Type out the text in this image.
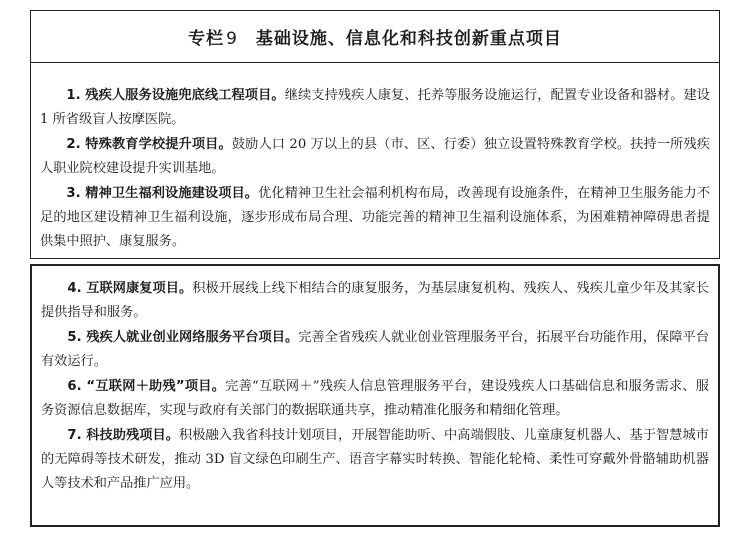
专栏 9 基础设施、信息化和科技创新重点项目

1. 残疾人服务设施兜底线工程项目。继续支持残疾人康复、托养等服务设施运行，配置专业设备和器材。建设 1 所省级盲人按摩医院。

2. 特殊教育学校提升项目。鼓励人口 20 万以上的县（市、区、行委）独立设置特殊教育学校。扶持一所残疾人职业院校建设提升实训基地。

3. 精神卫生福利设施建设项目。优化精神卫生社会福利机构布局，改善现有设施条件，在精神卫生服务能力不足的地区建设精神卫生福利设施，逐步形成布局合理、功能完善的精神卫生福利设施体系，为困难精神障碍患者提供集中照护、康复服务。

4. 互联网康复项目。积极开展线上线下相结合的康复服务，为基层康复机构、残疾人、残疾儿童少年及其家长提供指导和服务。

5. 残疾人就业创业网络服务平台项目。完善全省残疾人就业创业管理服务平台，拓展平台功能作用，保障平台有效运行。

6. “互联网＋助残”项目。完善“互联网＋”残疾人信息管理服务平台，建设残疾人口基础信息和服务需求、服务资源信息数据库，实现与政府有关部门的数据联通共享，推动精准化服务和精细化管理。

7. 科技助残项目。积极融入我省科技计划项目，开展智能助听、中高端假肢、儿童康复机器人、基于智慧城市的无障碍等技术研发，推动 3D 盲文绿色印刷生产、语音字幕实时转换、智能化轮椅、柔性可穿戴外骨骼辅助机器人等技术和产品推广应用。
